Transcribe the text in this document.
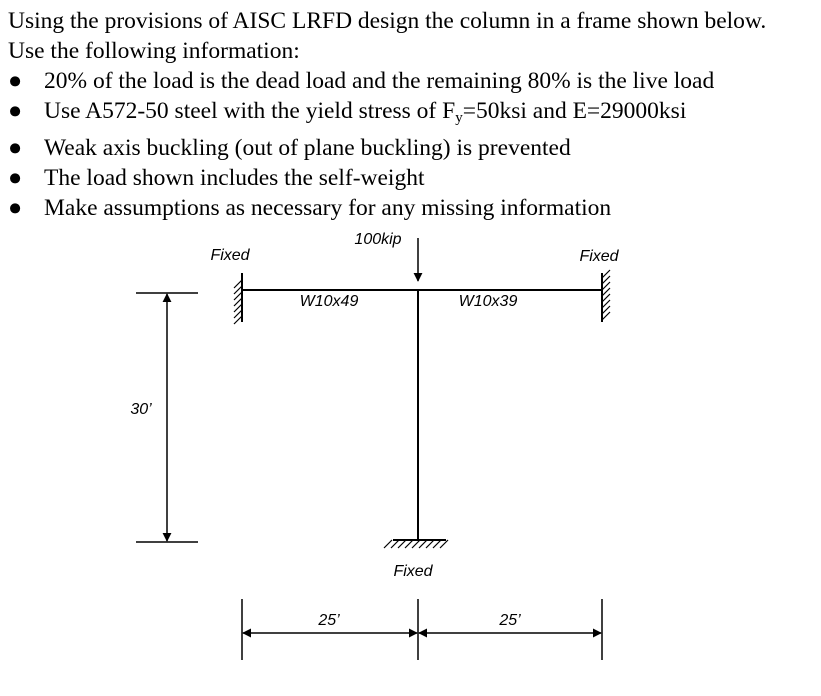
Using the provisions of AISC LRFD design the column in a frame shown below.
Use the following information:
● 20% of the load is the dead load and the remaining 80% is the live load
● Use A572-50 steel with the yield stress of $F_y=50ksi$ and E=29000ksi
● Weak axis buckling (out of plane buckling) is prevented
● The load shown includes the self-weight
● Make assumptions as necessary for any missing information
100kip
Fixed	Fixed
W10x49	W10x39
30’
Fixed
25’	25’
